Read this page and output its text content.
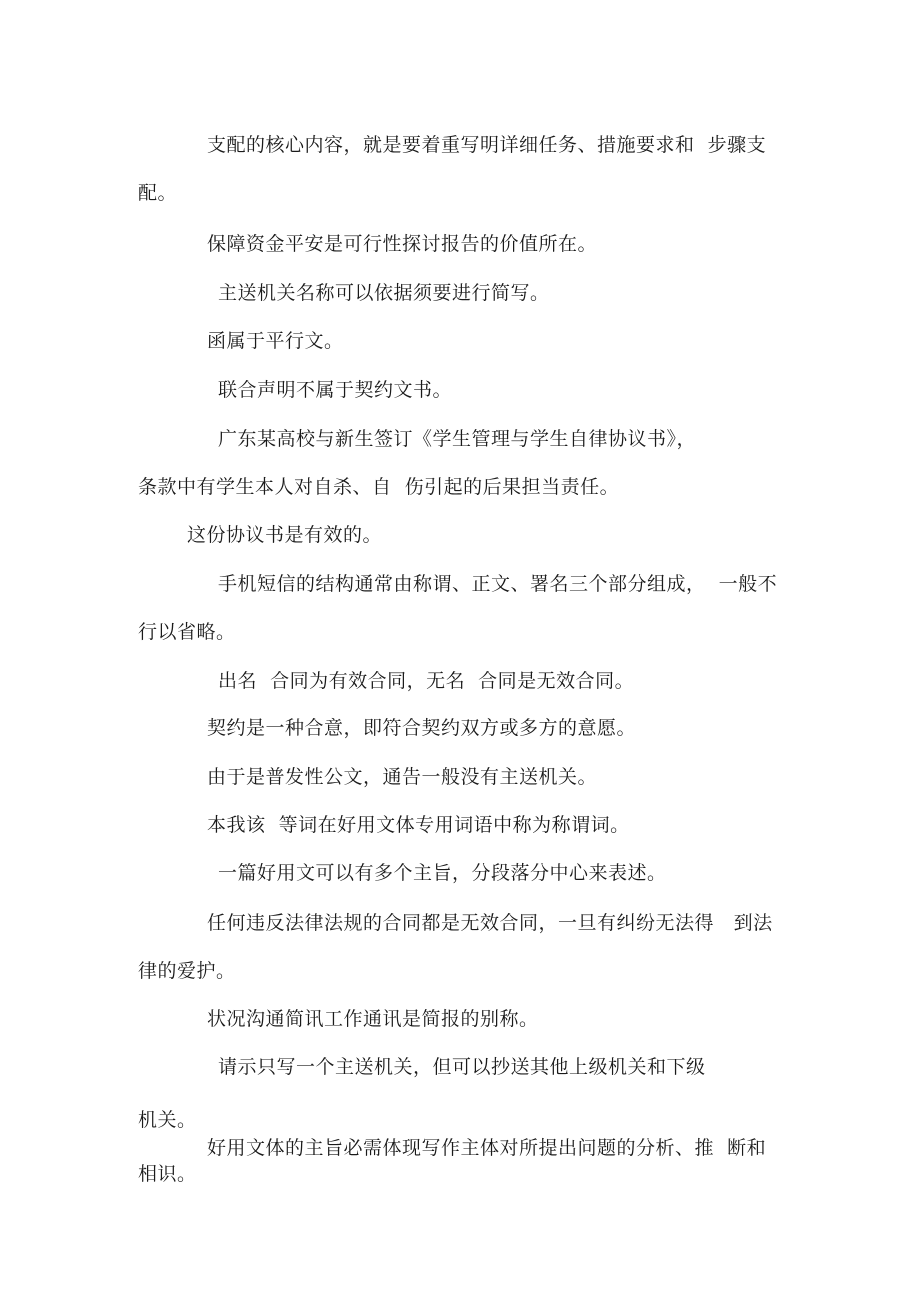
支配的核心内容，就是要着重写明详细任务、措施要求和  步骤支
配。
保障资金平安是可行性探讨报告的价值所在。
主送机关名称可以依据须要进行简写。
函属于平行文。
联合声明不属于契约文书。
广东某高校与新生签订《学生管理与学生自律协议书》，
条款中有学生本人对自杀、自  伤引起的后果担当责任。
这份协议书是有效的。
手机短信的结构通常由称谓、正文、署名三个部分组成，  一般不
行以省略。
出名  合同为有效合同，无名  合同是无效合同。
契约是一种合意，即符合契约双方或多方的意愿。
由于是普发性公文，通告一般没有主送机关。
本我该  等词在好用文体专用词语中称为称谓词。
一篇好用文可以有多个主旨，分段落分中心来表述。
任何违反法律法规的合同都是无效合同，一旦有纠纷无法得   到法
律的爱护。
状况沟通简讯工作通讯是简报的别称。
请示只写一个主送机关，但可以抄送其他上级机关和下级
机关。
好用文体的主旨必需体现写作主体对所提出问题的分析、推  断和
相识。
